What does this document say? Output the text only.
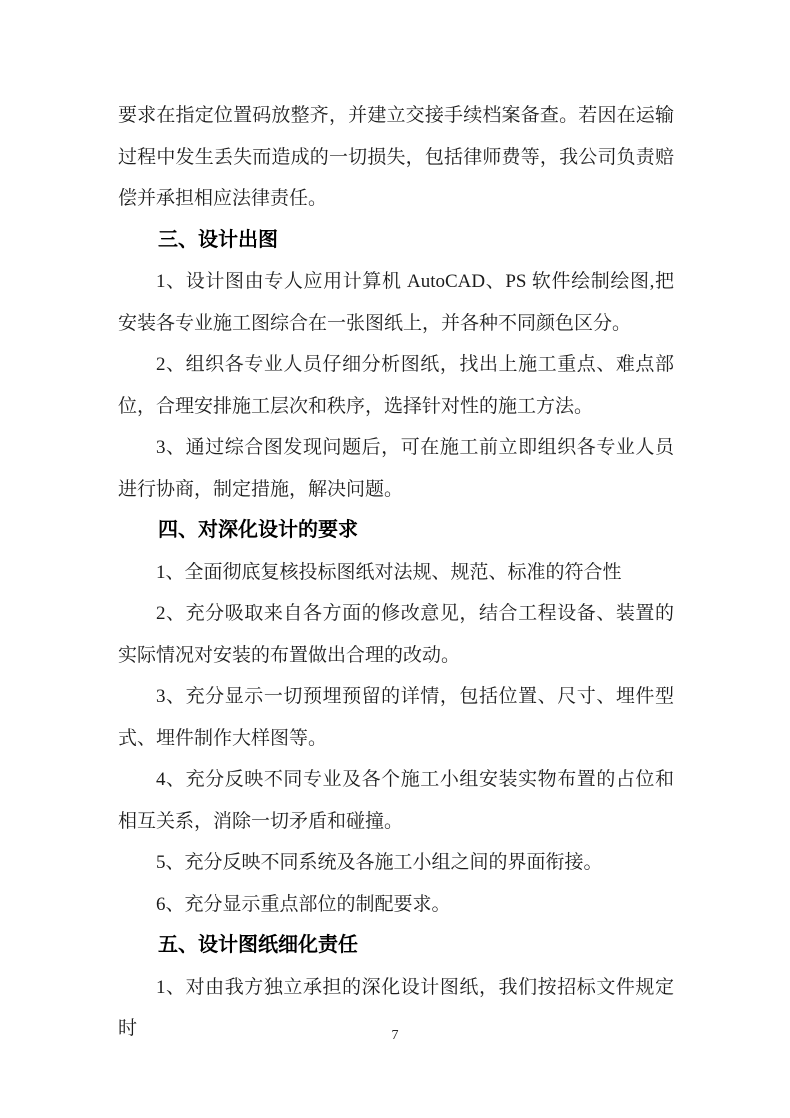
要求在指定位置码放整齐，并建立交接手续档案备查。若因在运输过程中发生丢失而造成的一切损失，包括律师费等，我公司负责赔偿并承担相应法律责任。

三、设计出图

1、设计图由专人应用计算机 AutoCAD、PS 软件绘制绘图,把安装各专业施工图综合在一张图纸上，并各种不同颜色区分。

2、组织各专业人员仔细分析图纸，找出上施工重点、难点部位，合理安排施工层次和秩序，选择针对性的施工方法。

3、通过综合图发现问题后，可在施工前立即组织各专业人员进行协商，制定措施，解决问题。

四、对深化设计的要求

1、全面彻底复核投标图纸对法规、规范、标准的符合性

2、充分吸取来自各方面的修改意见，结合工程设备、装置的实际情况对安装的布置做出合理的改动。

3、充分显示一切预埋预留的详情，包括位置、尺寸、埋件型式、埋件制作大样图等。

4、充分反映不同专业及各个施工小组安装实物布置的占位和相互关系，消除一切矛盾和碰撞。

5、充分反映不同系统及各施工小组之间的界面衔接。

6、充分显示重点部位的制配要求。

五、设计图纸细化责任

1、对由我方独立承担的深化设计图纸，我们按招标文件规定时	7
